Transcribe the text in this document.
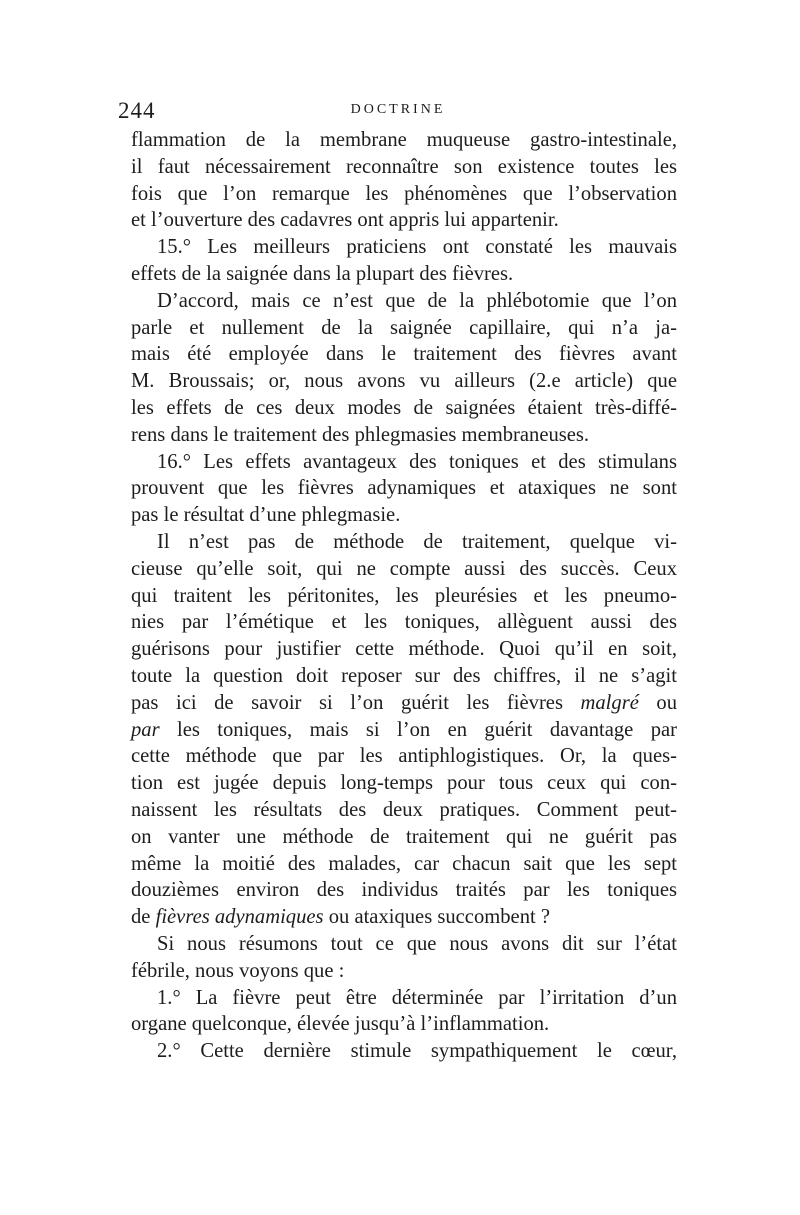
244	DOCTRINE
flammation de la membrane muqueuse gastro-intestinale,
il faut nécessairement reconnaître son existence toutes les
fois que l’on remarque les phénomènes que l’observation
et l’ouverture des cadavres ont appris lui appartenir.
15.° Les meilleurs praticiens ont constaté les mauvais
effets de la saignée dans la plupart des fièvres.
D’accord, mais ce n’est que de la phlébotomie que l’on
parle et nullement de la saignée capillaire, qui n’a ja-
mais été employée dans le traitement des fièvres avant
M. Broussais; or, nous avons vu ailleurs (2.e article) que
les effets de ces deux modes de saignées étaient très-diffé-
rens dans le traitement des phlegmasies membraneuses.
16.° Les effets avantageux des toniques et des stimulans
prouvent que les fièvres adynamiques et ataxiques ne sont
pas le résultat d’une phlegmasie.
Il n’est pas de méthode de traitement, quelque vi-
cieuse qu’elle soit, qui ne compte aussi des succès. Ceux
qui traitent les péritonites, les pleurésies et les pneumo-
nies par l’émétique et les toniques, allèguent aussi des
guérisons pour justifier cette méthode. Quoi qu’il en soit,
toute la question doit reposer sur des chiffres, il ne s’agit
pas ici de savoir si l’on guérit les fièvres malgré ou
par les toniques, mais si l’on en guérit davantage par
cette méthode que par les antiphlogistiques. Or, la ques-
tion est jugée depuis long-temps pour tous ceux qui con-
naissent les résultats des deux pratiques. Comment peut-
on vanter une méthode de traitement qui ne guérit pas
même la moitié des malades, car chacun sait que les sept
douzièmes environ des individus traités par les toniques
de fièvres adynamiques ou ataxiques succombent ?
Si nous résumons tout ce que nous avons dit sur l’état
fébrile, nous voyons que :
1.° La fièvre peut être déterminée par l’irritation d’un
organe quelconque, élevée jusqu’à l’inflammation.
2.° Cette dernière stimule sympathiquement le cœur,
